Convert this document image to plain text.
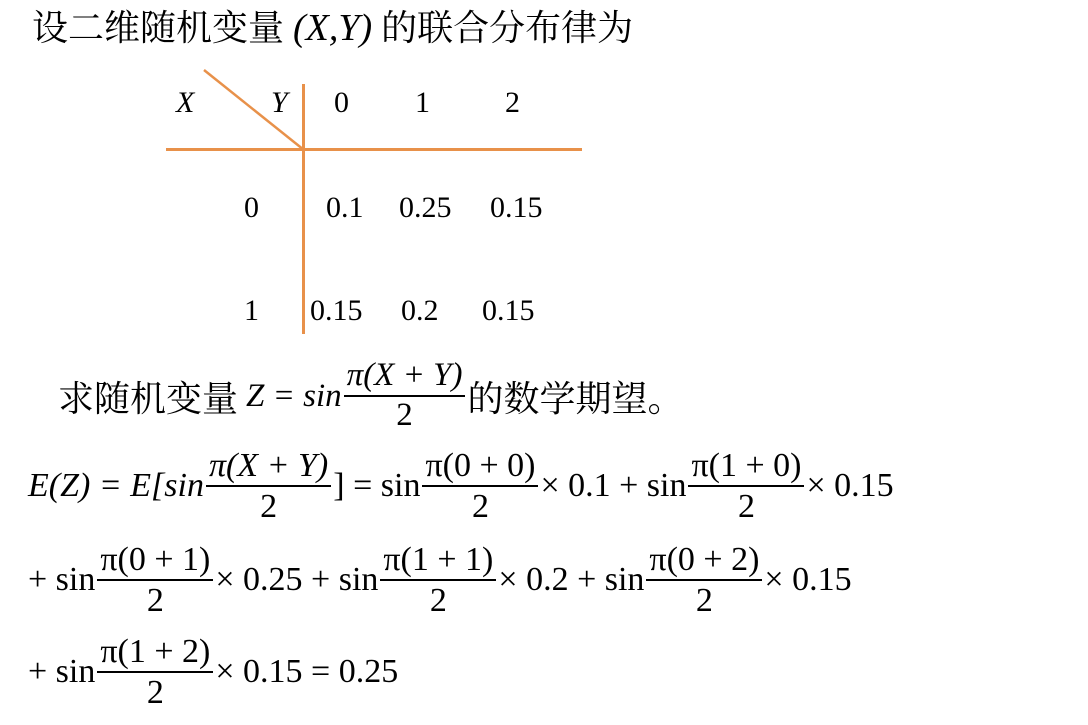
设二维随机变量 (X,Y) 的联合分布律为
X	Y 0 1	2
0 0.1 0.25 0.15
1 0.15 0.2 0.15
求随机变量 $Z = \sin \frac{\pi(X + Y)}{2}$ 的数学期望。
$E(Z) = E[\sin \frac{\pi(X + Y)}{2}$ ] = $\sin \frac{\pi(0 + 0)}{2} \times 0.1 + \sin \frac{\pi(1 + 0)}{2} \times 0.15$
+ $\sin \frac{\pi(0 + 1)}{2} \times 0.25 + \sin \frac{\pi(1 + 1)}{2} \times 0.2 + \sin \frac{\pi(0 + 2)}{2} \times 0.15$
+ $\sin \frac{\pi(1 + 2)}{2} \times 0.15 = 0.25$
